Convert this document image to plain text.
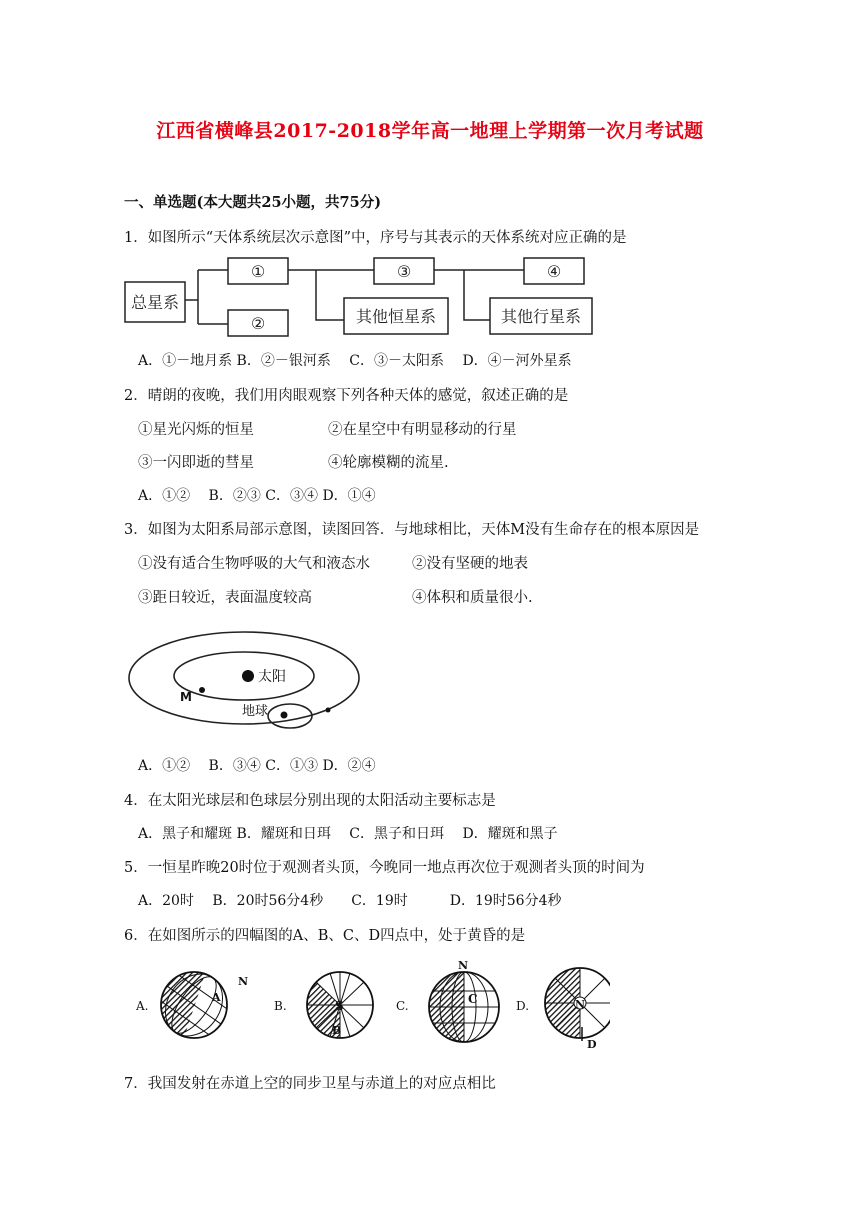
江西省横峰县2017-2018学年高一地理上学期第一次月考试题
一、单选题(本大题共25小题，共75分)
1．如图所示“天体系统层次示意图”中，序号与其表示的天体系统对应正确的是
总星系
①
②
③	④
其他恒星系	其他行星系
A．①－地月系 B．②－银河系　 C．③－太阳系　 D．④－河外星系
2．晴朗的夜晚，我们用肉眼观察下列各种天体的感觉，叙述正确的是
①星光闪烁的恒星	②在星空中有明显移动的行星
③一闪即逝的彗星	④轮廓模糊的流星.
A．①②　 B．②③ C．③④ D．①④
3．如图为太阳系局部示意图，读图回答．与地球相比，天体M没有生命存在的根本原因是
①没有适合生物呼吸的大气和液态水	②没有坚硬的地表
③距日较近，表面温度较高	④体积和质量很小.
太阳
地球
M
A．①②　 B．③④ C．①③ D．②④
4．在太阳光球层和色球层分别出现的太阳活动主要标志是
A．黑子和耀斑 B．耀斑和日珥　 C．黑子和日珥　 D．耀斑和黑子
5．一恒星昨晚20时位于观测者头顶，今晚同一地点再次位于观测者头顶的时间为
A．20时　 B．20时56分4秒　　C．19时　　　D．19时56分4秒
6．在如图所示的四幅图的A、B、C、D四点中，处于黄昏的是
A.	B.	C.	D.
A
N
S
B
N
C	N
D
7．我国发射在赤道上空的同步卫星与赤道上的对应点相比
